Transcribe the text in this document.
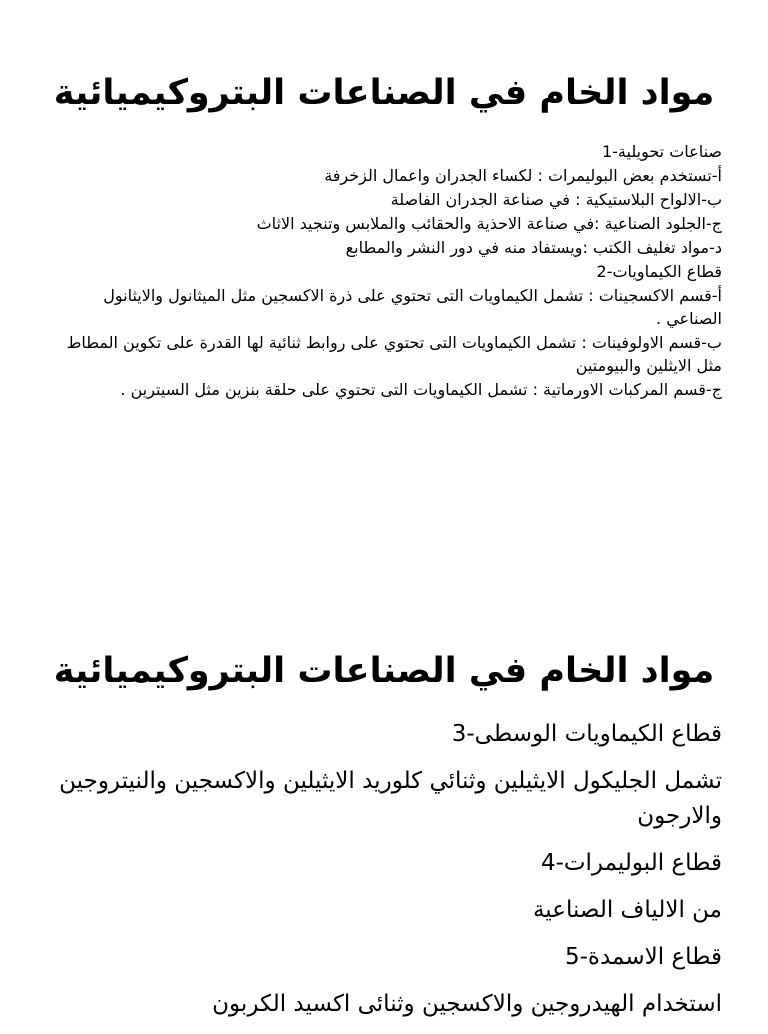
مواد الخام في الصناعات البتروكيميائية

صناعات تحويلية-1

أ-تستخدم بعض البوليمرات : لكساء الجدران واعمال الزخرفة

ب-الالواح البلاستيكية : في صناعة الجدران الفاصلة

ج-الجلود الصناعية :في صناعة الاحذية والحقائب والملابس وتنجيد الاثاث

د-مواد تغليف الكتب :ويستفاد منه في دور النشر والمطابع

قطاع الكيماويات-2

أ-قسم الاكسجينات : تشمل الكيماويات التى تحتوي على ذرة الاكسجين مثل الميثانول والايثانول الصناعي .

ب-قسم الاولوفينات : تشمل الكيماويات التى تحتوي على روابط ثنائية لها القدرة على تكوين المطاط مثل الايثلين والبيومتين

ج-قسم المركبات الاورماتية : تشمل الكيماويات التى تحتوي على حلقة بنزين مثل السيترين .

مواد الخام في الصناعات البتروكيميائية

قطاع الكيماويات الوسطى-3

تشمل الجليكول الايثيلين وثنائي كلوريد الايثيلين والاكسجين والنيتروجين والارجون

قطاع البوليمرات-4

من الالياف الصناعية

قطاع الاسمدة-5

استخدام الهيدروجين والاكسجين وثنائى اكسيد الكربون
